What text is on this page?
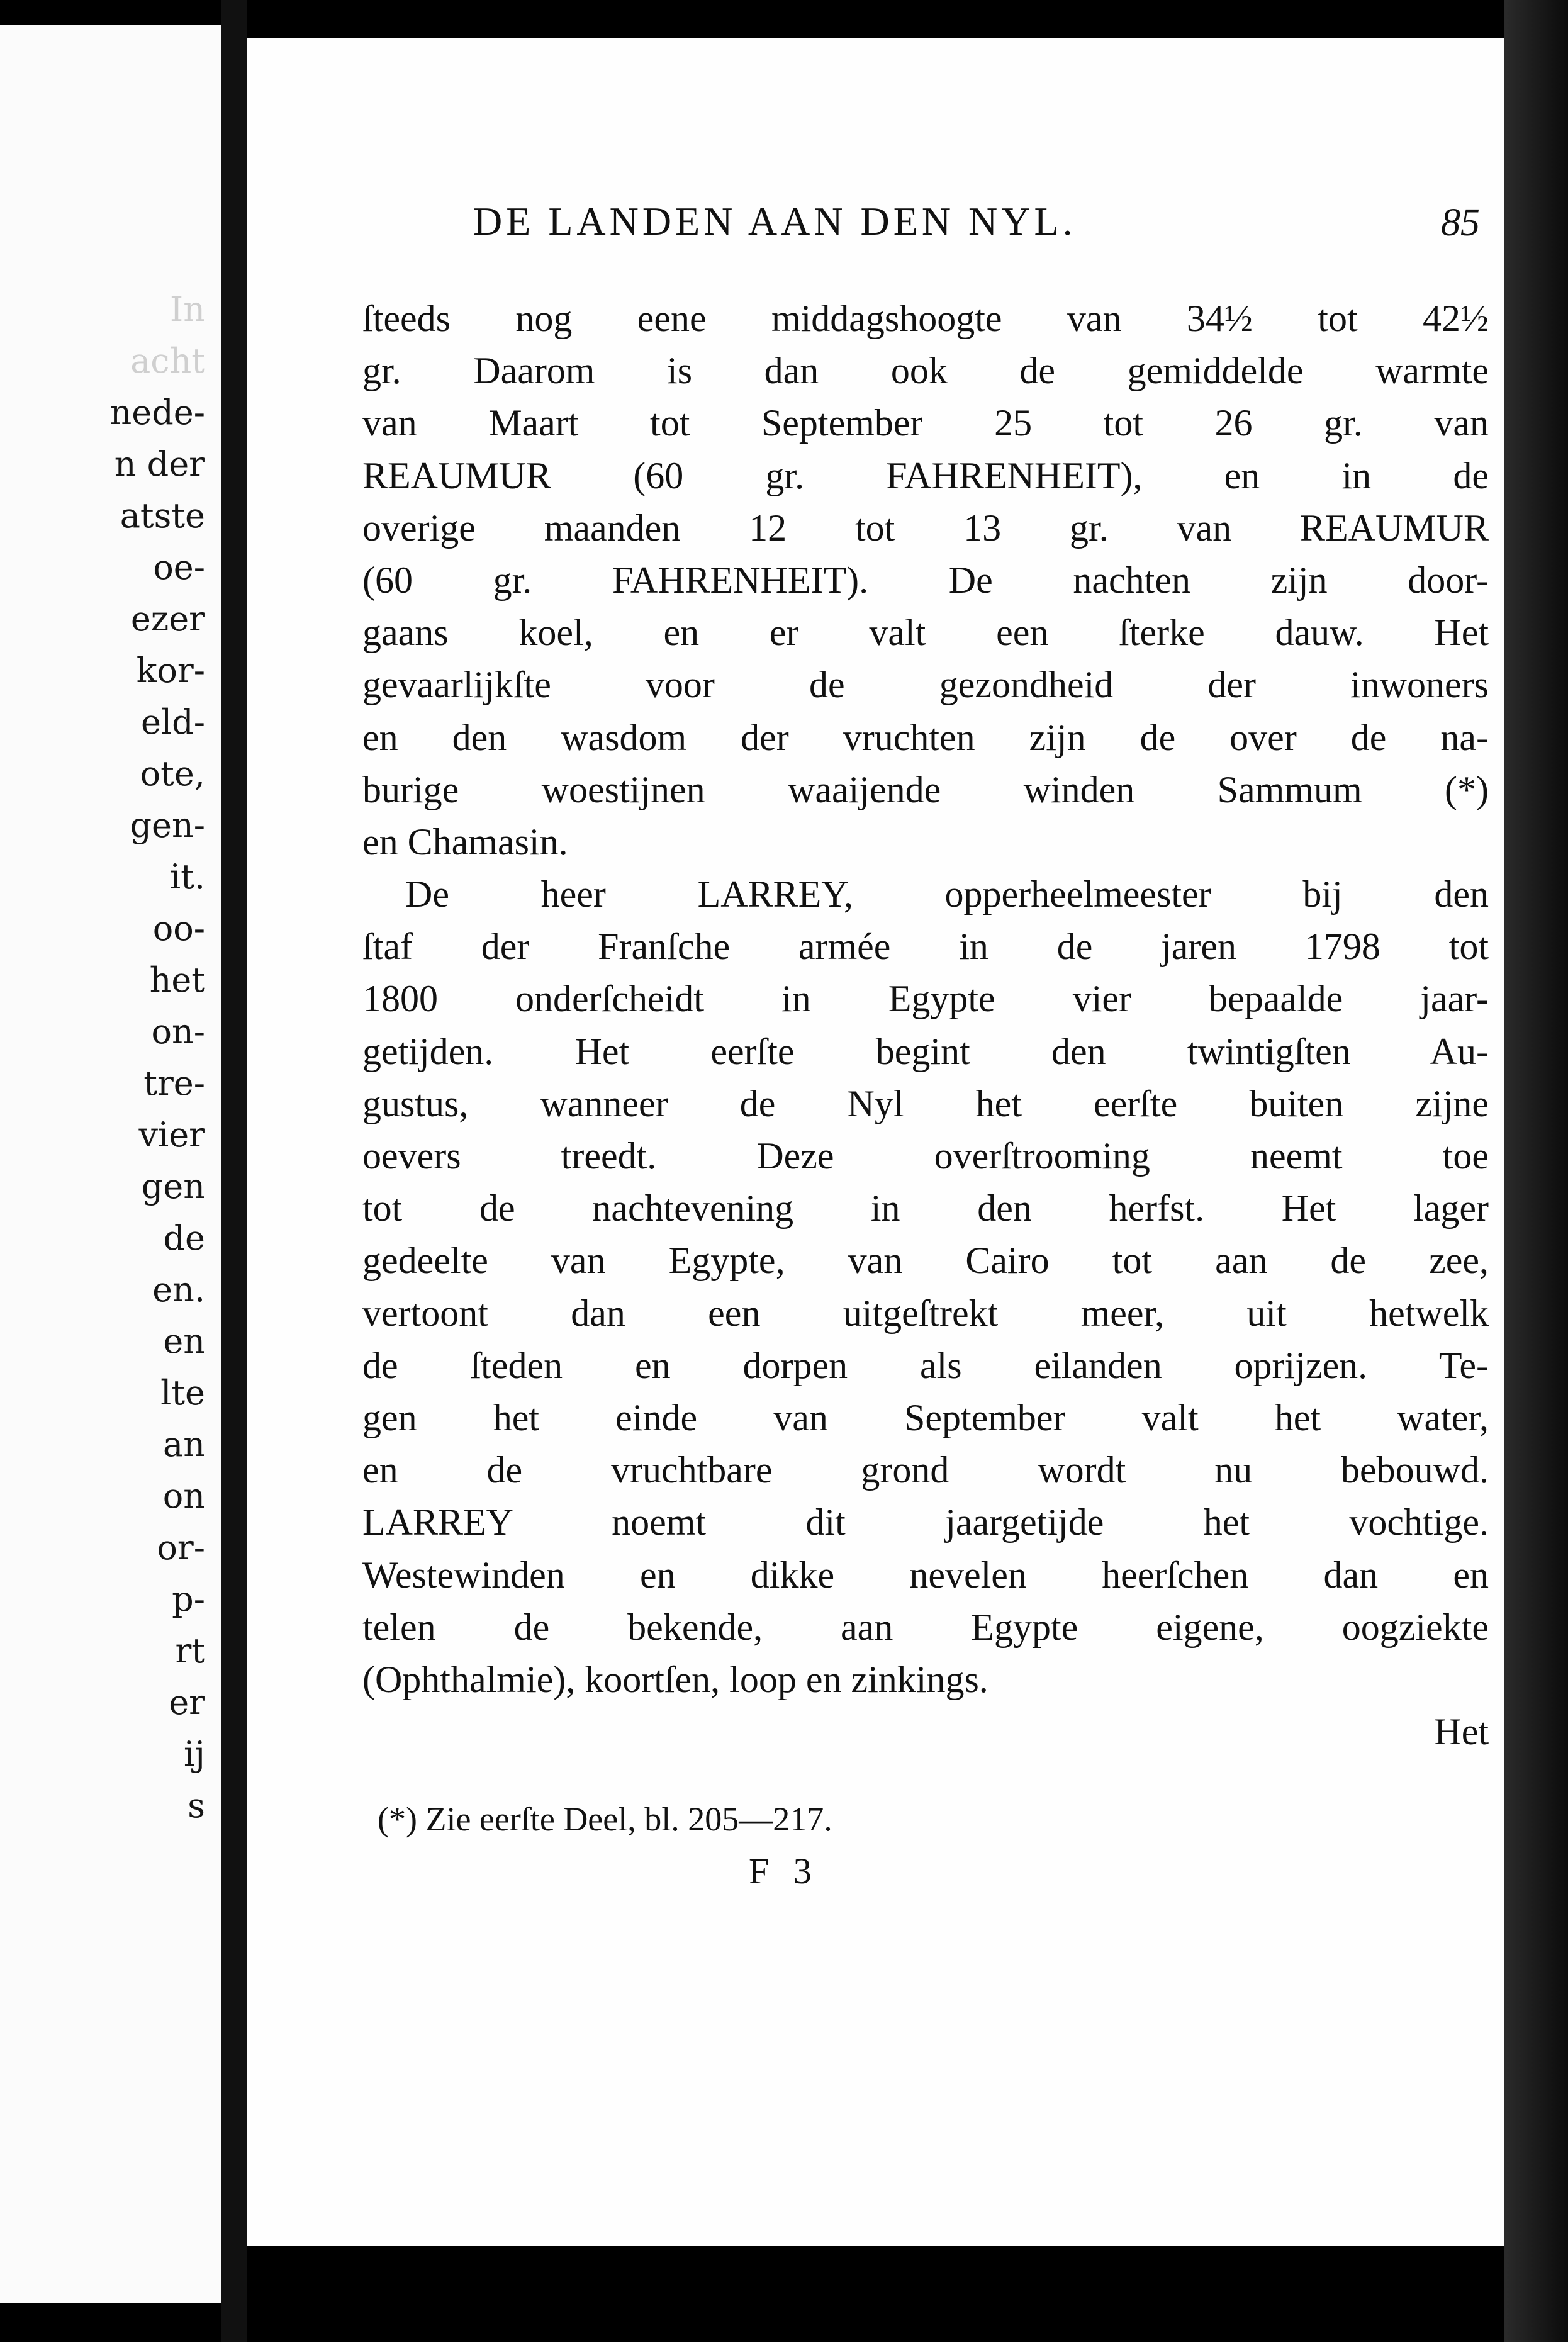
In
acht
nede-
n der
atste
oe-
ezer
kor-
eld-
ote,
gen-
it.
oo-
het
on-
tre-
vier
gen
de
en.
en
lte
an
on
or-
p-
rt
er
ij
s
DE LANDEN AAN DEN NYL.	85
ſteeds nog eene middagshoogte van 34½ tot 42½
gr. Daarom is dan ook de gemiddelde warmte
van Maart tot September 25 tot 26 gr. van
REAUMUR (60 gr. FAHRENHEIT), en in de
overige maanden 12 tot 13 gr. van REAUMUR
(60 gr. FAHRENHEIT). De nachten zijn door-
gaans koel, en er valt een ſterke dauw. Het
gevaarlijkſte voor de gezondheid der inwoners
en den wasdom der vruchten zijn de over de na-
burige woestijnen waaijende winden Sammum (*)
en Chamasin.
De heer LARREY, opperheelmeester bij den
ſtaf der Franſche armée in de jaren 1798 tot
1800 onderſcheidt in Egypte vier bepaalde jaar-
getijden. Het eerſte begint den twintigſten Au-
gustus, wanneer de Nyl het eerſte buiten zijne
oevers treedt. Deze overſtrooming neemt toe
tot de nachtevening in den herfst. Het lager
gedeelte van Egypte, van Cairo tot aan de zee,
vertoont dan een uitgeſtrekt meer, uit hetwelk
de ſteden en dorpen als eilanden oprijzen. Te-
gen het einde van September valt het water,
en de vruchtbare grond wordt nu bebouwd.
LARREY noemt dit jaargetijde het vochtige.
Westewinden en dikke nevelen heerſchen dan en
telen de bekende, aan Egypte eigene, oogziekte
(Ophthalmie), koortſen, loop en zinkings.
Het
(*) Zie eerſte Deel, bl. 205—217.
F 3
